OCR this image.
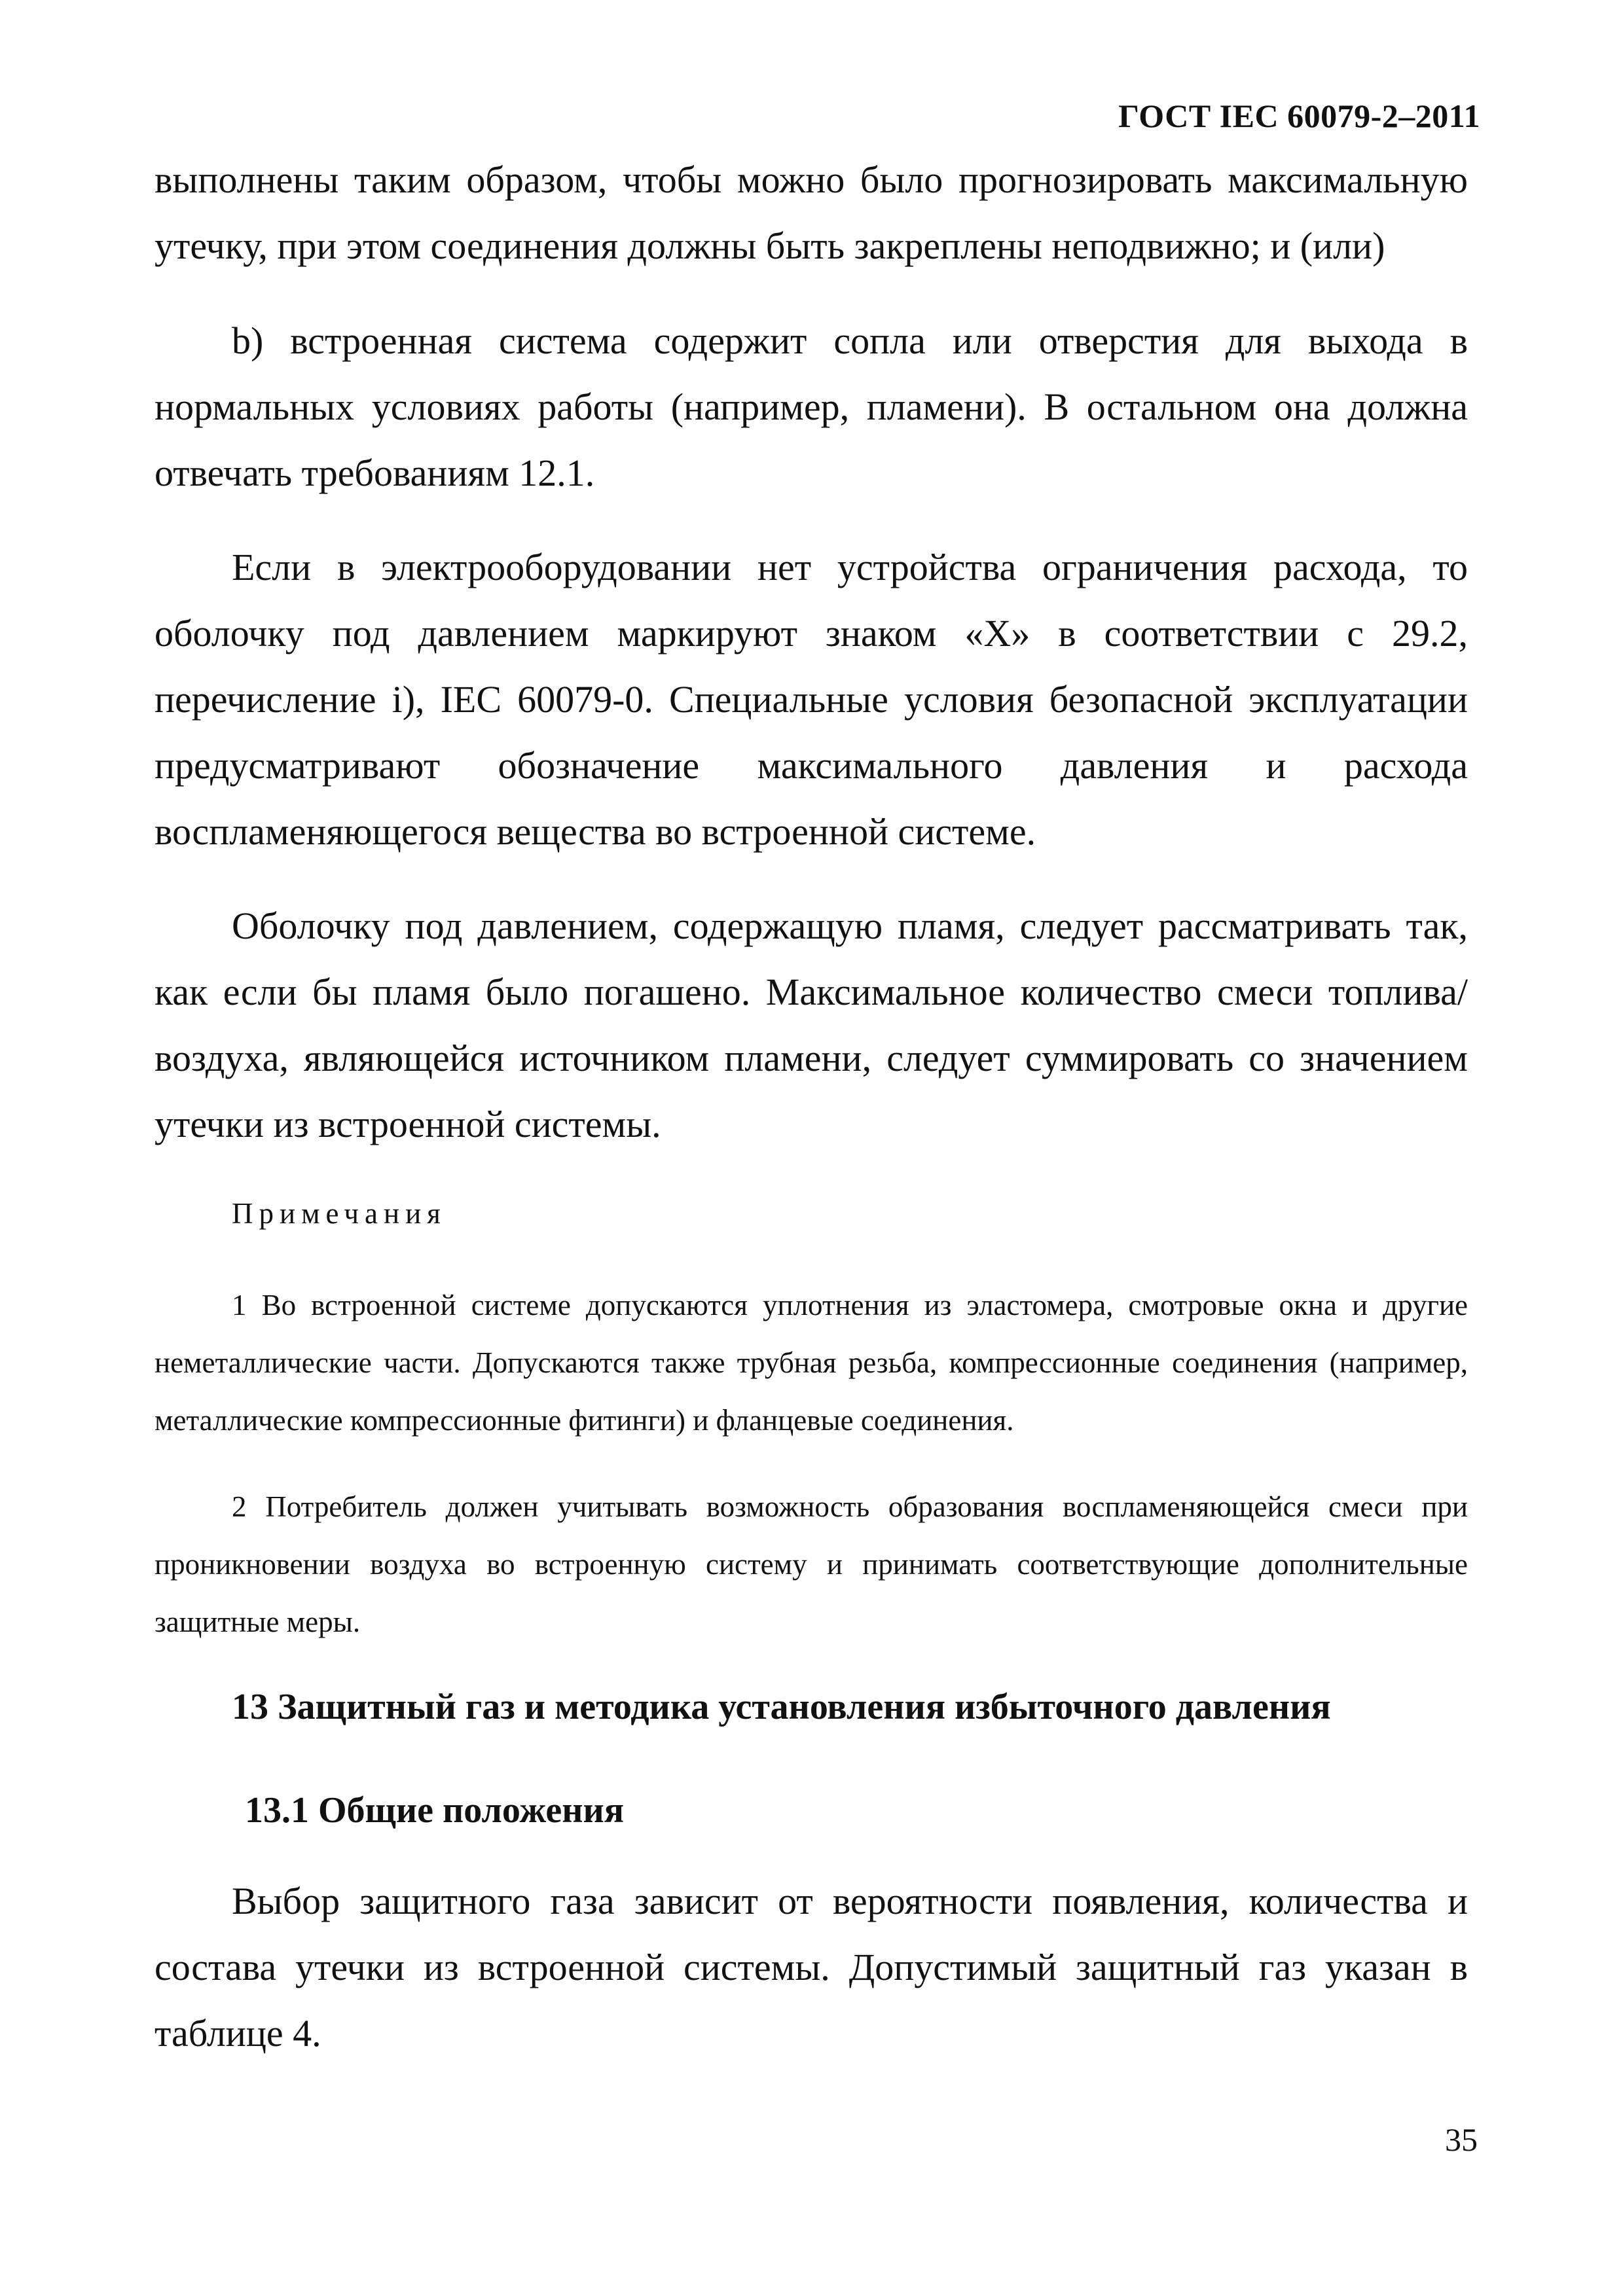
ГОСТ IEC 60079-2–2011

выполнены таким образом, чтобы можно было прогнозировать максимальную утечку, при этом соединения должны быть закреплены неподвижно; и (или)

b) встроенная система содержит сопла или отверстия для выхода в нормальных условиях работы (например, пламени). В остальном она должна отвечать требованиям 12.1.

Если в электрооборудовании нет устройства ограничения расхода, то оболочку под давлением маркируют знаком «X» в соответствии с 29.2, перечисление i), IEC 60079-0. Специальные условия безопасной эксплуатации предусматривают обозначение максимального давления и расхода воспламеняющегося вещества во встроенной системе.

Оболочку под давлением, содержащую пламя, следует рассматривать так, как если бы пламя было погашено. Максимальное количество смеси топлива/воздуха, являющейся источником пламени, следует суммировать со значением утечки из встроенной системы.

Примечания

1 Во встроенной системе допускаются уплотнения из эластомера, смотровые окна и другие неметаллические части. Допускаются также трубная резьба, компрессионные соединения (например, металлические компрессионные фитинги) и фланцевые соединения.

2 Потребитель должен учитывать возможность образования воспламеняющейся смеси при проникновении воздуха во встроенную систему и принимать соответствующие дополнительные защитные меры.

13 Защитный газ и методика установления избыточного давления
13.1 Общие положения

Выбор защитного газа зависит от вероятности появления, количества и состава утечки из встроенной системы. Допустимый защитный газ указан в таблице 4.

35
